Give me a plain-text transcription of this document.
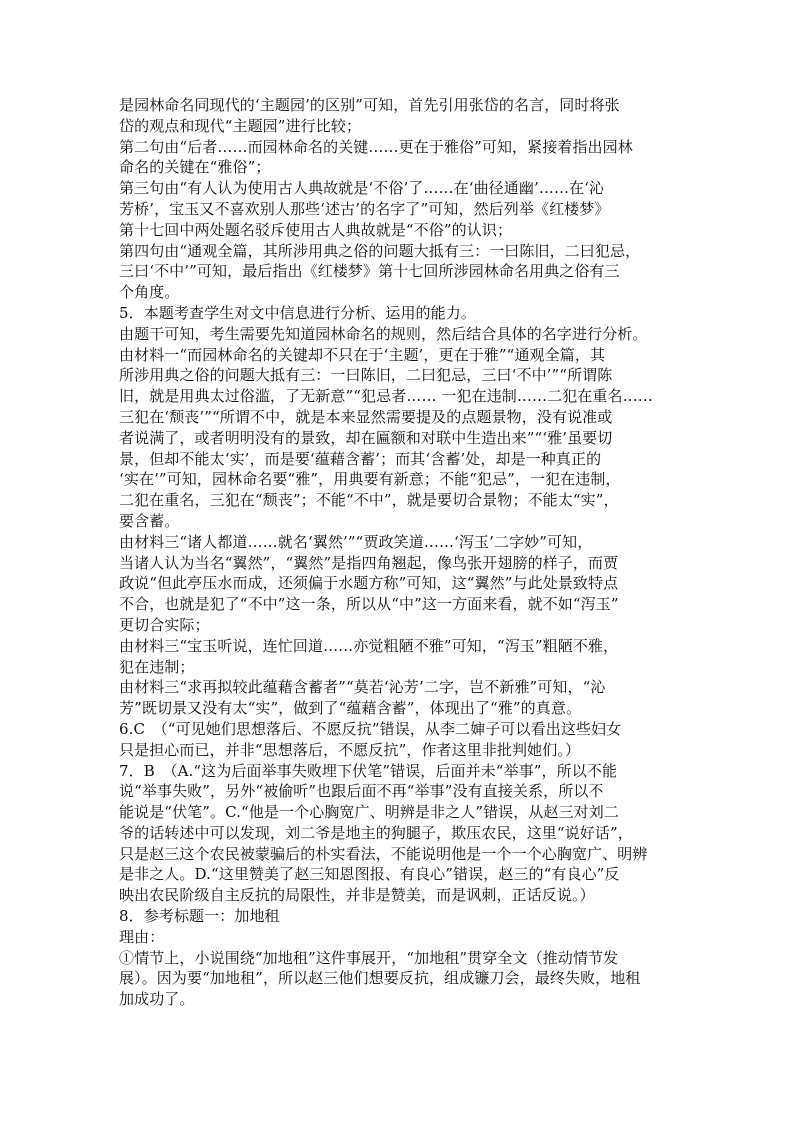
是园林命名同现代的‘主题园’的区别”可知，首先引用张岱的名言，同时将张
岱的观点和现代“主题园”进行比较；
第二句由“后者……而园林命名的关键……更在于雅俗”可知，紧接着指出园林
命名的关键在“雅俗”；
第三句由“有人认为使用古人典故就是‘不俗’了……在‘曲径通幽’……在‘沁
芳桥’，宝玉又不喜欢别人那些‘述古’的名字了”可知，然后列举《红楼梦》
第十七回中两处题名驳斥使用古人典故就是“不俗”的认识；
第四句由“通观全篇，其所涉用典之俗的问题大抵有三：一曰陈旧，二曰犯忌，
三曰‘不中’”可知，最后指出《红楼梦》第十七回所涉园林命名用典之俗有三
个角度。
5．本题考查学生对文中信息进行分析、运用的能力。
由题干可知，考生需要先知道园林命名的规则，然后结合具体的名字进行分析。
由材料一“而园林命名的关键却不只在于‘主题’，更在于雅”“通观全篇，其
所涉用典之俗的问题大抵有三：一曰陈旧，二曰犯忌，三曰‘不中’”“所谓陈
旧，就是用典太过俗滥，了无新意”“犯忌者…… 一犯在违制……二犯在重名……
三犯在‘颓丧’”“所谓不中，就是本来显然需要提及的点题景物，没有说准或
者说满了，或者明明没有的景致，却在匾额和对联中生造出来”“‘雅’虽要切
景，但却不能太‘实’，而是要‘蕴藉含蓄’；而其‘含蓄’处，却是一种真正的
‘实在’”可知，园林命名要“雅”，用典要有新意；不能“犯忌”，一犯在违制，
二犯在重名，三犯在“颓丧”；不能“不中”，就是要切合景物；不能太“实”，
要含蓄。
由材料三“诸人都道……就名‘翼然’”“贾政笑道……‘泻玉’二字妙”可知，
当诸人认为当名“翼然”，“翼然”是指四角翘起，像鸟张开翅膀的样子，而贾
政说“但此亭压水而成，还须偏于水题方称”可知，这“翼然”与此处景致特点
不合，也就是犯了“不中”这一条，所以从“中”这一方面来看，就不如“泻玉”
更切合实际；
由材料三“宝玉听说，连忙回道……亦觉粗陋不雅”可知，“泻玉”粗陋不雅，
犯在违制；
由材料三“求再拟较此蕴藉含蓄者”“莫若‘沁芳’二字，岂不新雅”可知，“沁
芳”既切景又没有太“实”，做到了“蕴藉含蓄”，体现出了“雅”的真意。
6.C　（“可见她们思想落后、不愿反抗”错误，从李二婶子可以看出这些妇女
只是担心而已，并非“思想落后，不愿反抗”，作者这里非批判她们。）
7．B　（A.“这为后面举事失败埋下伏笔”错误，后面并未“举事”，所以不能
说“举事失败”，另外“被偷听”也跟后面不再“举事”没有直接关系，所以不
能说是“伏笔”。C.“他是一个心胸宽广、明辨是非之人”错误，从赵三对刘二
爷的话转述中可以发现，刘二爷是地主的狗腿子，欺压农民，这里“说好话”，
只是赵三这个农民被蒙骗后的朴实看法，不能说明他是一个一个心胸宽广、明辨
是非之人。D.“这里赞美了赵三知恩图报、有良心”错误，赵三的“有良心”反
映出农民阶级自主反抗的局限性，并非是赞美，而是讽刺，正话反说。）
8．参考标题一：加地租
理由：
①情节上，小说围绕“加地租”这件事展开，“加地租”贯穿全文（推动情节发
展）。因为要“加地租”，所以赵三他们想要反抗，组成镰刀会，最终失败，地租
加成功了。
